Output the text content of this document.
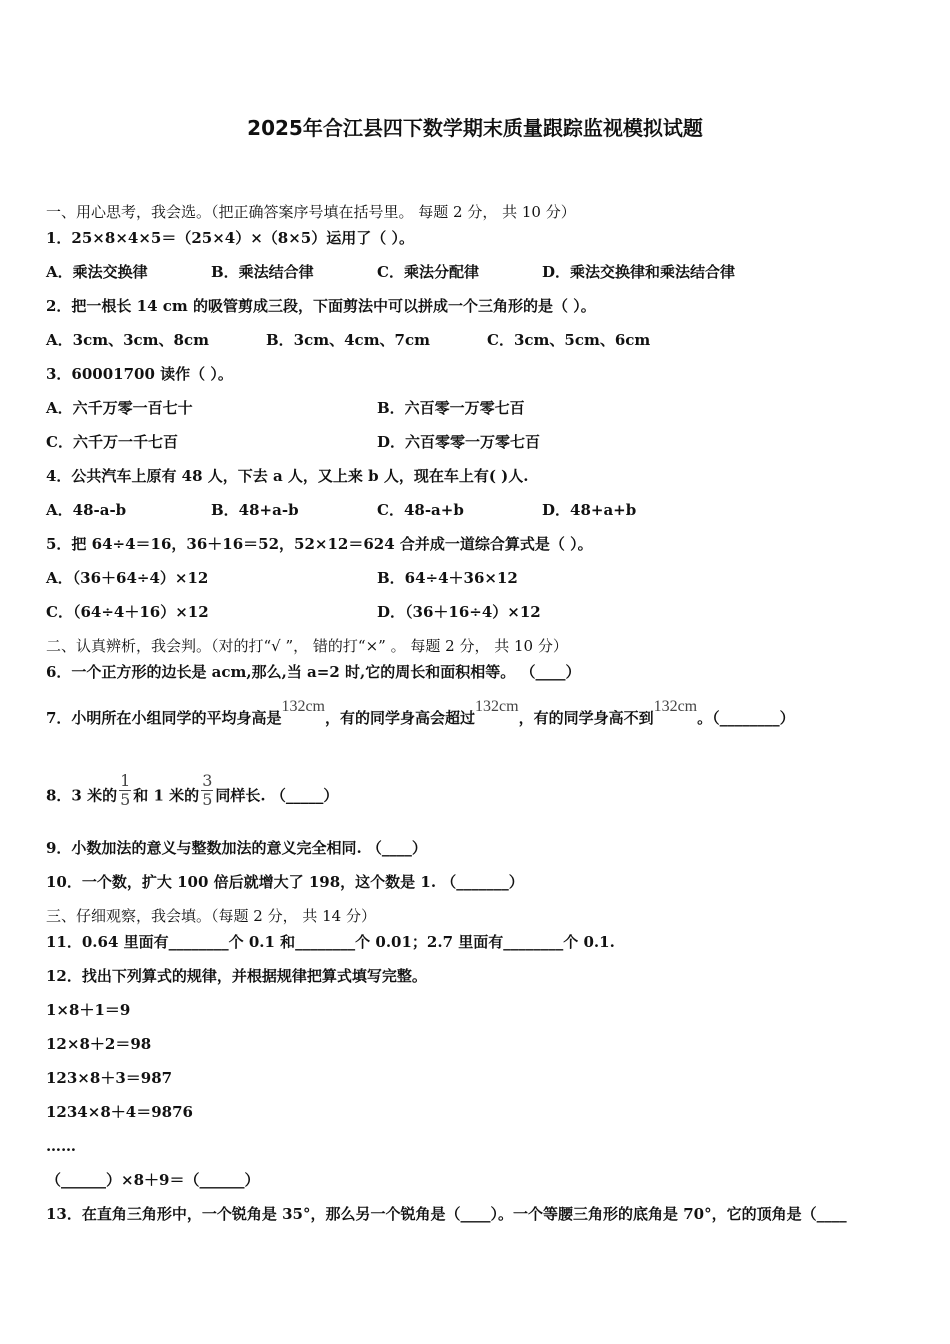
2025年合江县四下数学期末质量跟踪监视模拟试题
一、用心思考，我会选。（把正确答案序号填在括号里。 每题 2 分， 共 10 分）
1．25×8×4×5＝（25×4）×（8×5）运用了（ ）。
A．乘法交换律	B．乘法结合律	C．乘法分配律	D．乘法交换律和乘法结合律
2．把一根长 14 cm 的吸管剪成三段，下面剪法中可以拼成一个三角形的是（ ）。
A．3cm、3cm、8cm	B．3cm、4cm、7cm	C．3cm、5cm、6cm
3．60001700 读作（ ）。
A．六千万零一百七十	B．六百零一万零七百
C．六千万一千七百	D．六百零零一万零七百
4．公共汽车上原有 48 人，下去 a 人，又上来 b 人，现在车上有( )人.
A．48-a-b	B．48+a-b	C．48-a+b	D．48+a+b
5．把 64÷4＝16，36＋16＝52，52×12＝624 合并成一道综合算式是（ ）。
A．（36＋64÷4）×12	B．64÷4＋36×12
C．（64÷4＋16）×12	D．（36＋16÷4）×12
二、认真辨析，我会判。（对的打“√ ”， 错的打“×” 。 每题 2 分， 共 10 分）
6．一个正方形的边长是 acm,那么,当 a=2 时,它的周长和面积相等。 （____）
7．小明所在小组同学的平均身高是132cm，有的同学身高会超过132cm，有的同学身高不到132cm。（________）
8．3 米的 $\frac{1}{5}$ 和 1 米的 $\frac{3}{5}$ 同样长. （_____）
9．小数加法的意义与整数加法的意义完全相同. （____）
10．一个数，扩大 100 倍后就增大了 198，这个数是 1. （_______）
三、仔细观察，我会填。（每题 2 分， 共 14 分）
11．0.64 里面有________个 0.1 和________个 0.01；2.7 里面有________个 0.1.
12．找出下列算式的规律，并根据规律把算式填写完整。
1×8＋1＝9
12×8＋2＝98
123×8＋3＝987
1234×8＋4＝9876
……
（______）×8＋9＝（______）
13．在直角三角形中，一个锐角是 35°，那么另一个锐角是（____）。一个等腰三角形的底角是 70°，它的顶角是（____
